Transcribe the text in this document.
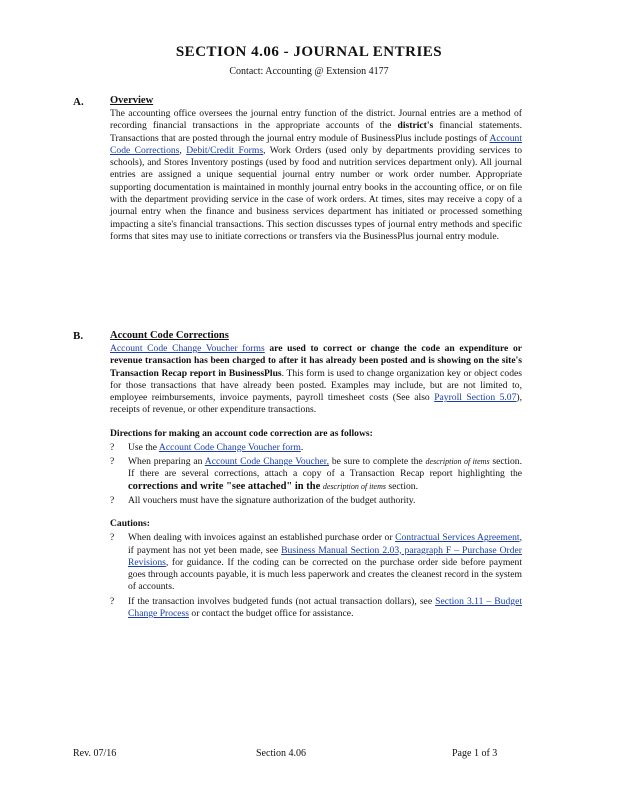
SECTION 4.06 - JOURNAL ENTRIES
Contact: Accounting @ Extension 4177
A.	Overview
The accounting office oversees the journal entry function of the district. Journal entries are a method of recording financial transactions in the appropriate accounts of the district's financial statements. Transactions that are posted through the journal entry module of BusinessPlus include postings of Account Code Corrections, Debit/Credit Forms, Work Orders (used only by departments providing services to schools), and Stores Inventory postings (used by food and nutrition services department only). All journal entries are assigned a unique sequential journal entry number or work order number. Appropriate supporting documentation is maintained in monthly journal entry books in the accounting office, or on file with the department providing service in the case of work orders. At times, sites may receive a copy of a journal entry when the finance and business services department has initiated or processed something impacting a site's financial transactions. This section discusses types of journal entry methods and specific forms that sites may use to initiate corrections or transfers via the BusinessPlus journal entry module.
B.	Account Code Corrections
Account Code Change Voucher forms are used to correct or change the code an expenditure or revenue transaction has been charged to after it has already been posted and is showing on the site's Transaction Recap report in BusinessPlus. This form is used to change organization key or object codes for those transactions that have already been posted. Examples may include, but are not limited to, employee reimbursements, invoice payments, payroll timesheet costs (See also Payroll Section 5.07), receipts of revenue, or other expenditure transactions.
Directions for making an account code correction are as follows:
? Use the Account Code Change Voucher form.
? When preparing an Account Code Change Voucher, be sure to complete the description of items section. If there are several corrections, attach a copy of a Transaction Recap report highlighting the corrections and write "see attached" in the description of items section.
? All vouchers must have the signature authorization of the budget authority.
Cautions:
? When dealing with invoices against an established purchase order or Contractual Services Agreement, if payment has not yet been made, see Business Manual Section 2.03, paragraph F – Purchase Order Revisions, for guidance. If the coding can be corrected on the purchase order side before payment goes through accounts payable, it is much less paperwork and creates the cleanest record in the system of accounts.
? If the transaction involves budgeted funds (not actual transaction dollars), see Section 3.11 – Budget Change Process or contact the budget office for assistance.
Rev. 07/16	Section 4.06	Page 1 of 3
